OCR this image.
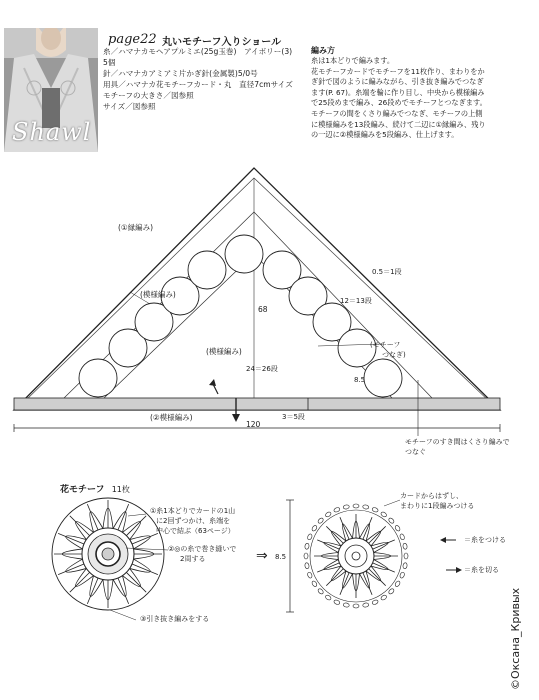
Shawl
page22 丸いモチーフ入りショール
糸／ハマナカモヘアプルミエ(25g玉巻)　アイボリー(3)
5個
針／ハマナカアミアミ片かぎ針(金属製)5/0号
用具／ハマナカ花モチーフカード・丸　直径7cmサイズ
モチーフの大きさ／図参照
サイズ／図参照
編み方
糸は1本どりで編みます。
花モチーフカードでモチーフを11枚作り、まわりをか
ぎ針で図のように編みながら、引き抜き編みでつなぎ
ます(P. 67)。糸端を輪に作り目し、中央から模様編み
で25段めまで編み、26段めでモチーフとつなぎます。
モチーフの間をくさり編みでつなぎ、モチーフの上側
に模様編みを13段編み、続けて二辺に①縁編み、残り
の一辺に②模様編みを5段編み、仕上げます。
(①縁編み)
(模様編み)
(模様編み)
68
0.5＝1段
12＝13段
(モチーフ
つなぎ)
24＝26段
8.5
(②模様編み)	3＝5段
120
モチーフのすき間はくさり編みで
つなぐ
花モチーフ 11枚
⇒
①糸1本どりでカードの1山
に2回ずつかけ、糸端を
中心で結ぶ（63ページ）
②◎の糸で巻き縫いで
2周する
③引き抜き編みをする
カードからはずし、
まわりに1段編みつける
8.5
＝糸をつける
＝糸を切る
©Оксана_Кривых
